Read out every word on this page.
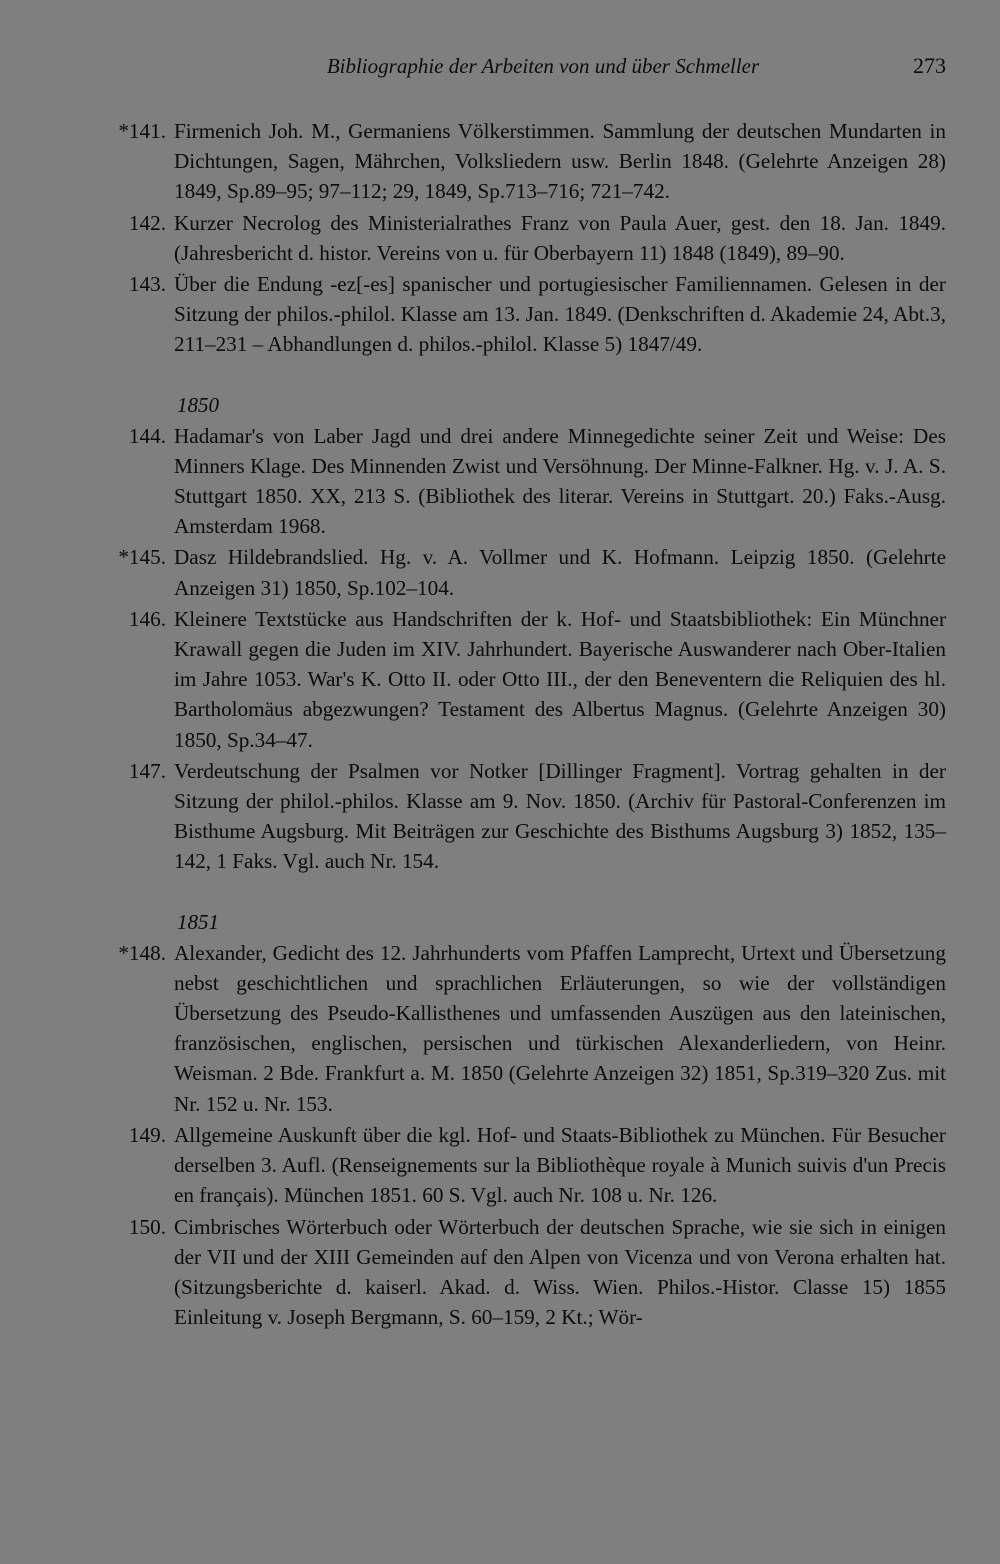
Bibliographie der Arbeiten von und über Schmeller	273
*141. Firmenich Joh. M., Germaniens Völkerstimmen. Sammlung der deutschen Mundarten in Dichtungen, Sagen, Mährchen, Volksliedern usw. Berlin 1848. (Gelehrte Anzeigen 28) 1849, Sp.89–95; 97–112; 29, 1849, Sp.713–716; 721–742.
142. Kurzer Necrolog des Ministerialrathes Franz von Paula Auer, gest. den 18. Jan. 1849. (Jahresbericht d. histor. Vereins von u. für Oberbayern 11) 1848 (1849), 89–90.
143. Über die Endung -ez[-es] spanischer und portugiesischer Familiennamen. Gelesen in der Sitzung der philos.-philol. Klasse am 13. Jan. 1849. (Denkschriften d. Akademie 24, Abt.3, 211–231 – Abhandlungen d. philos.-philol. Klasse 5) 1847/49.
1850
144. Hadamar's von Laber Jagd und drei andere Minnegedichte seiner Zeit und Weise: Des Minners Klage. Des Minnenden Zwist und Versöhnung. Der Minne-Falkner. Hg. v. J. A. S. Stuttgart 1850. XX, 213 S. (Bibliothek des literar. Vereins in Stuttgart. 20.) Faks.-Ausg. Amsterdam 1968.
*145. Dasz Hildebrandslied. Hg. v. A. Vollmer und K. Hofmann. Leipzig 1850. (Gelehrte Anzeigen 31) 1850, Sp.102–104.
146. Kleinere Textstücke aus Handschriften der k. Hof- und Staatsbibliothek: Ein Münchner Krawall gegen die Juden im XIV. Jahrhundert. Bayerische Auswanderer nach Ober-Italien im Jahre 1053. War's K. Otto II. oder Otto III., der den Beneventern die Reliquien des hl. Bartholomäus abgezwungen? Testament des Albertus Magnus. (Gelehrte Anzeigen 30) 1850, Sp.34–47.
147. Verdeutschung der Psalmen vor Notker [Dillinger Fragment]. Vortrag gehalten in der Sitzung der philol.-philos. Klasse am 9. Nov. 1850. (Archiv für Pastoral-Conferenzen im Bisthume Augsburg. Mit Beiträgen zur Geschichte des Bisthums Augsburg 3) 1852, 135–142, 1 Faks. Vgl. auch Nr. 154.
1851
*148. Alexander, Gedicht des 12. Jahrhunderts vom Pfaffen Lamprecht, Urtext und Übersetzung nebst geschichtlichen und sprachlichen Erläuterungen, so wie der vollständigen Übersetzung des Pseudo-Kallisthenes und umfassenden Auszügen aus den lateinischen, französischen, englischen, persischen und türkischen Alexanderliedern, von Heinr. Weisman. 2 Bde. Frankfurt a. M. 1850 (Gelehrte Anzeigen 32) 1851, Sp.319–320 Zus. mit Nr. 152 u. Nr. 153.
149. Allgemeine Auskunft über die kgl. Hof- und Staats-Bibliothek zu München. Für Besucher derselben 3. Aufl. (Renseignements sur la Bibliothèque royale à Munich suivis d'un Precis en français). München 1851. 60 S. Vgl. auch Nr. 108 u. Nr. 126.
150. Cimbrisches Wörterbuch oder Wörterbuch der deutschen Sprache, wie sie sich in einigen der VII und der XIII Gemeinden auf den Alpen von Vicenza und von Verona erhalten hat. (Sitzungsberichte d. kaiserl. Akad. d. Wiss. Wien. Philos.-Histor. Classe 15) 1855 Einleitung v. Joseph Bergmann, S. 60–159, 2 Kt.; Wör-
